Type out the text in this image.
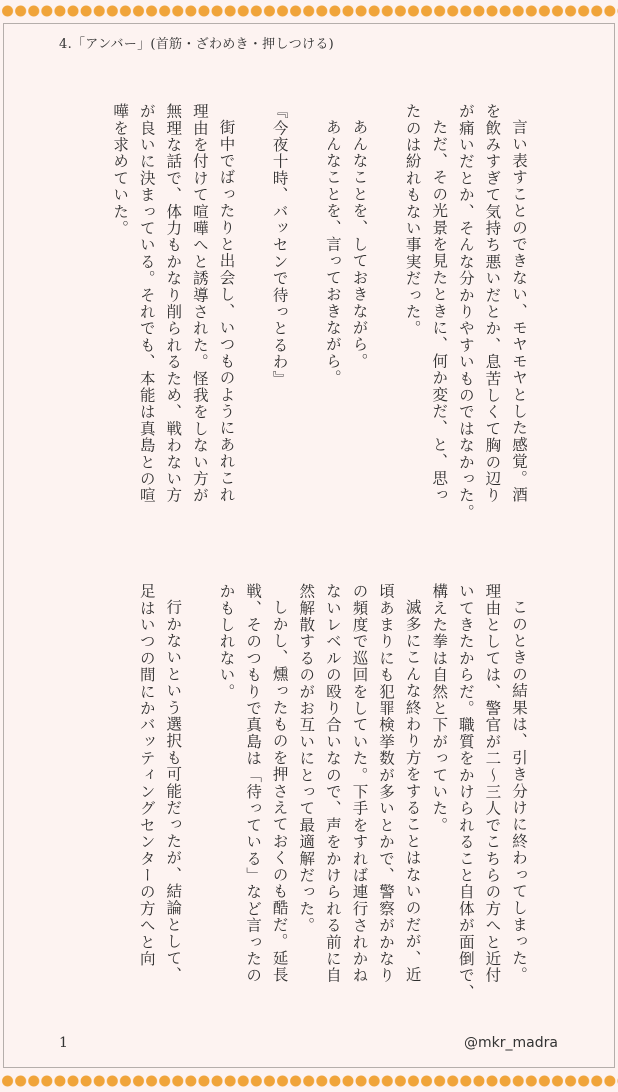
4.「アンバー」(首筋・ざわめき・押しつける)

言い表すことのできない、モヤモヤとした感覚。酒

を飲みすぎて気持ち悪いだとか、息苦しくて胸の辺り

が痛いだとか、そんな分かりやすいものではなかった。

ただ、その光景を見たときに、何か変だ、と、思っ

たのは紛れもない事実だった。

あんなことを、しておきながら。

あんなことを、言っておきながら。

『今夜十時、バッセンで待っとるわ』

街中でばったりと出会し、いつものようにあれこれ

理由を付けて喧嘩へと誘導された。怪我をしない方が

無理な話で、体力もかなり削られるため、戦わない方

が良いに決まっている。それでも、本能は真島との喧

嘩を求めていた。

このときの結果は、引き分けに終わってしまった。

理由としては、警官が二〜三人でこちらの方へと近付

いてきたからだ。職質をかけられること自体が面倒で、

構えた拳は自然と下がっていた。

滅多にこんな終わり方をすることはないのだが、近

頃あまりにも犯罪検挙数が多いとかで、警察がかなり

の頻度で巡回をしていた。下手をすれば連行されかね

ないレベルの殴り合いなので、声をかけられる前に自

然解散するのがお互いにとって最適解だった。

しかし、燻ったものを押さえておくのも酷だ。延長

戦、そのつもりで真島は「待っている」など言ったの

かもしれない。

行かないという選択も可能だったが、結論として、

足はいつの間にかバッティングセンターの方へと向

1	@mkr_madra
